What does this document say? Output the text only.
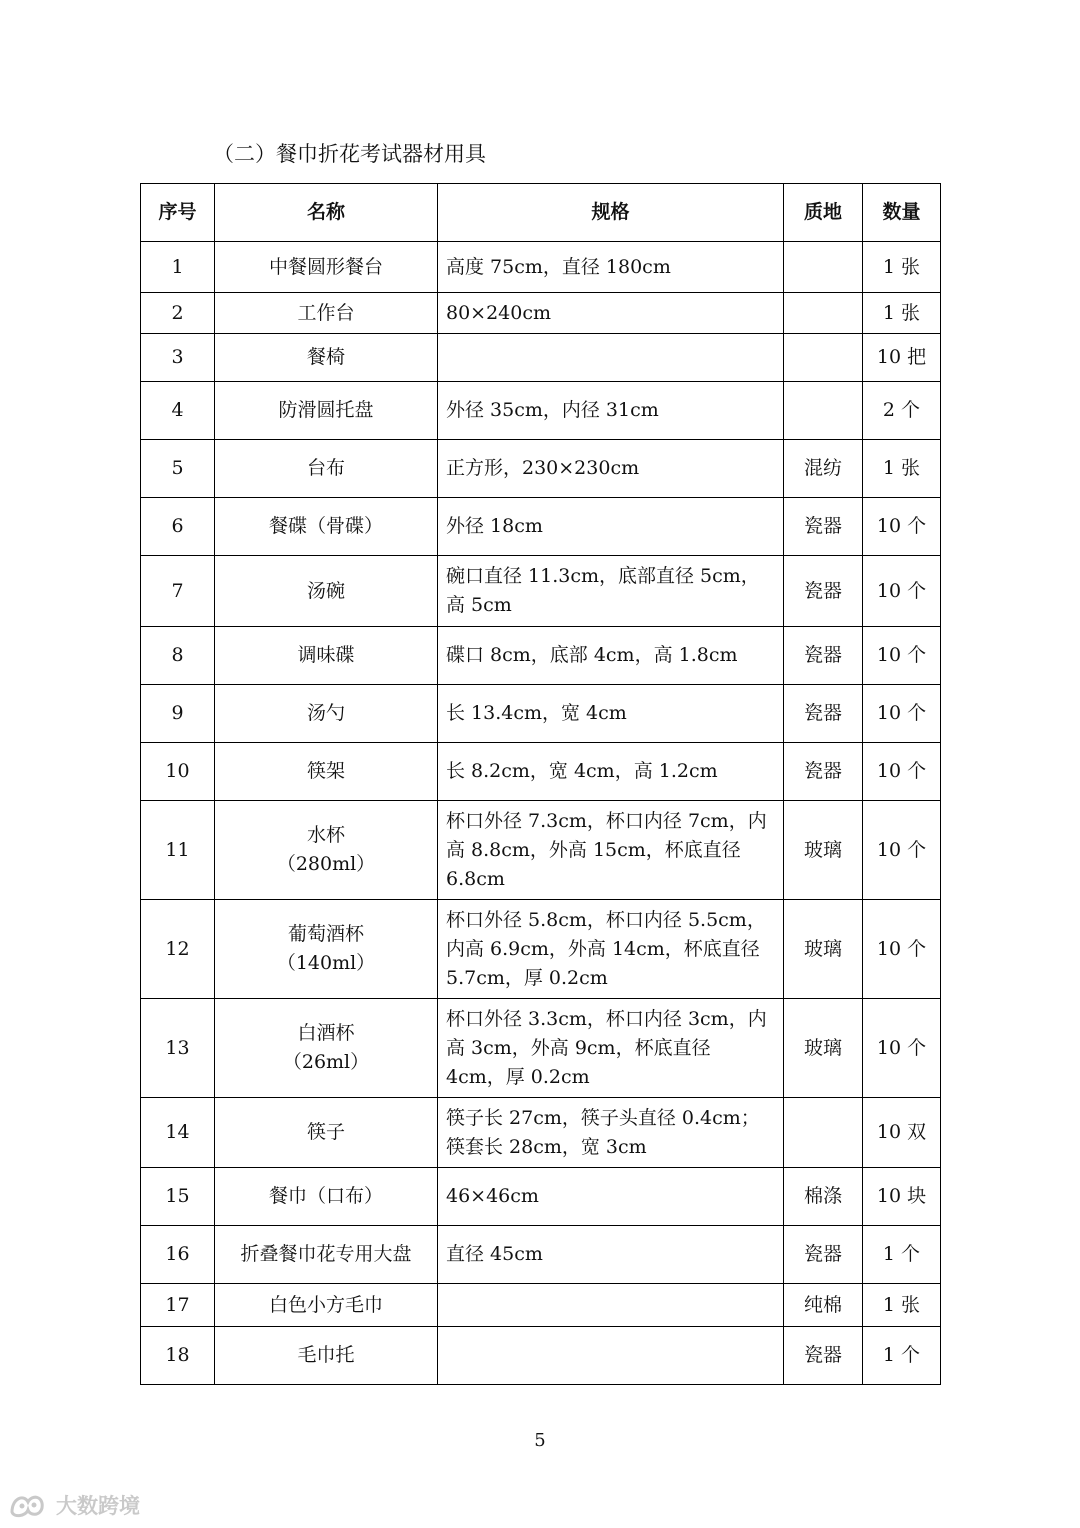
（二）餐巾折花考试器材用具
序号	名称	规格	质地	数量
1	中餐圆形餐台	高度 75cm，直径 180cm		1 张
2	工作台	80×240cm		1 张
3	餐椅			10 把
4	防滑圆托盘	外径 35cm，内径 31cm		2 个
5	台布	正方形，230×230cm	混纺	1 张
6	餐碟（骨碟）	外径 18cm	瓷器	10 个
7	汤碗	碗口直径 11.3cm，底部直径 5cm，高 5cm	瓷器	10 个
8	调味碟	碟口 8cm，底部 4cm，高 1.8cm	瓷器	10 个
9	汤勺	长 13.4cm，宽 4cm	瓷器	10 个
10	筷架	长 8.2cm，宽 4cm，高 1.2cm	瓷器	10 个
11	水杯
（280ml）	杯口外径 7.3cm，杯口内径 7cm，内高 8.8cm，外高 15cm，杯底直径 6.8cm	玻璃	10 个
12	葡萄酒杯
（140ml）	杯口外径 5.8cm，杯口内径 5.5cm，内高 6.9cm，外高 14cm，杯底直径 5.7cm，厚 0.2cm	玻璃	10 个
13	白酒杯
（26ml）	杯口外径 3.3cm，杯口内径 3cm，内高 3cm，外高 9cm，杯底直径 4cm，厚 0.2cm	玻璃	10 个
14	筷子	筷子长 27cm，筷子头直径 0.4cm；筷套长 28cm，宽 3cm		10 双
15	餐巾（口布）	46×46cm	棉涤	10 块
16	折叠餐巾花专用大盘	直径 45cm	瓷器	1 个
17	白色小方毛巾		纯棉	1 张
18	毛巾托		瓷器	1 个
5
大数跨境
